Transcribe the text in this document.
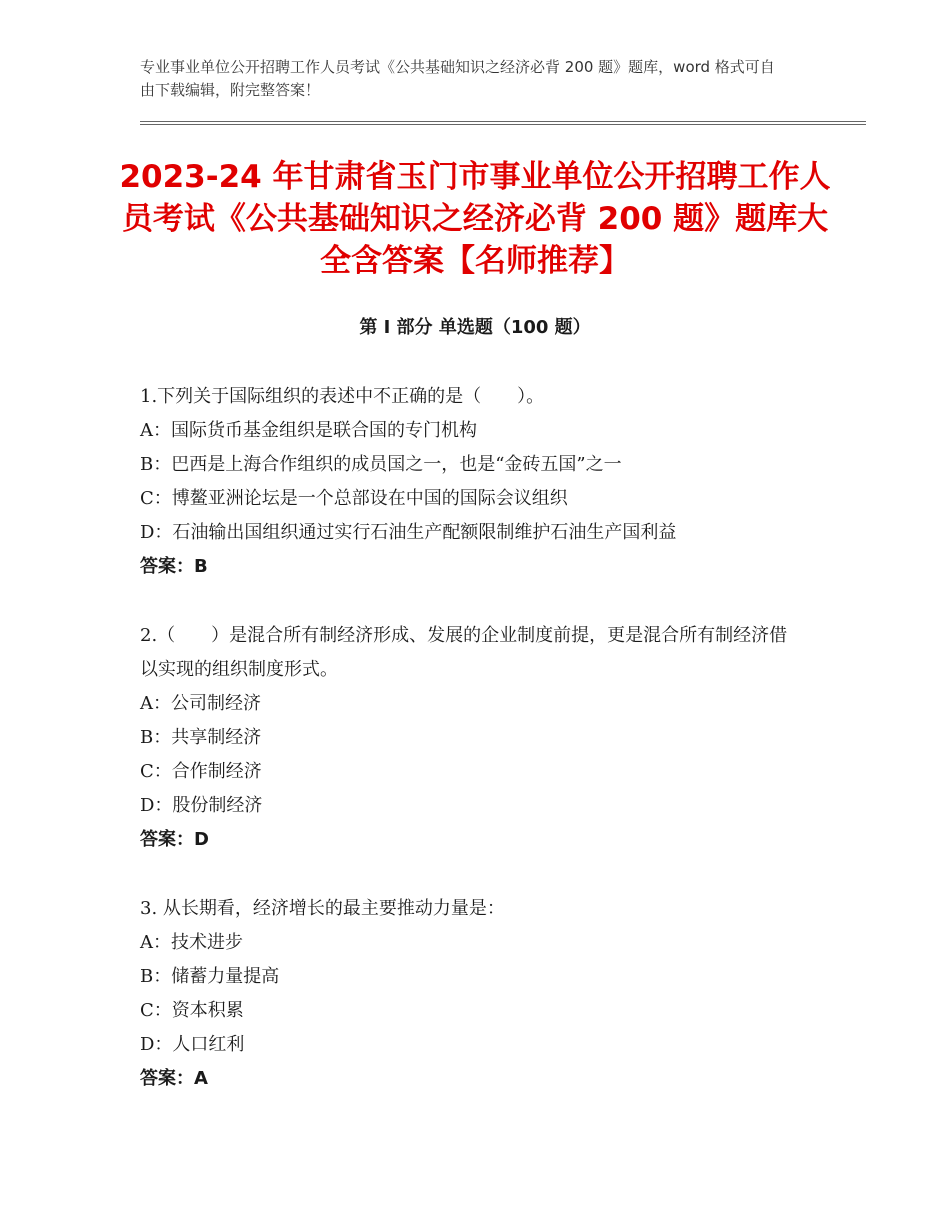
专业事业单位公开招聘工作人员考试《公共基础知识之经济必背 200 题》题库，word 格式可自由下载编辑，附完整答案！
2023-24 年甘肃省玉门市事业单位公开招聘工作人员考试《公共基础知识之经济必背 200 题》题库大全含答案【名师推荐】
第 I 部分 单选题（100 题）
1.下列关于国际组织的表述中不正确的是（　　）。
A：国际货币基金组织是联合国的专门机构
B：巴西是上海合作组织的成员国之一，也是“金砖五国”之一
C：博鳌亚洲论坛是一个总部设在中国的国际会议组织
D：石油输出国组织通过实行石油生产配额限制维护石油生产国利益
答案：B
2.（　　）是混合所有制经济形成、发展的企业制度前提，更是混合所有制经济借以实现的组织制度形式。
A：公司制经济
B：共享制经济
C：合作制经济
D：股份制经济
答案：D
3. 从长期看，经济增长的最主要推动力量是：
A：技术进步
B：储蓄力量提高
C：资本积累
D：人口红利
答案：A
